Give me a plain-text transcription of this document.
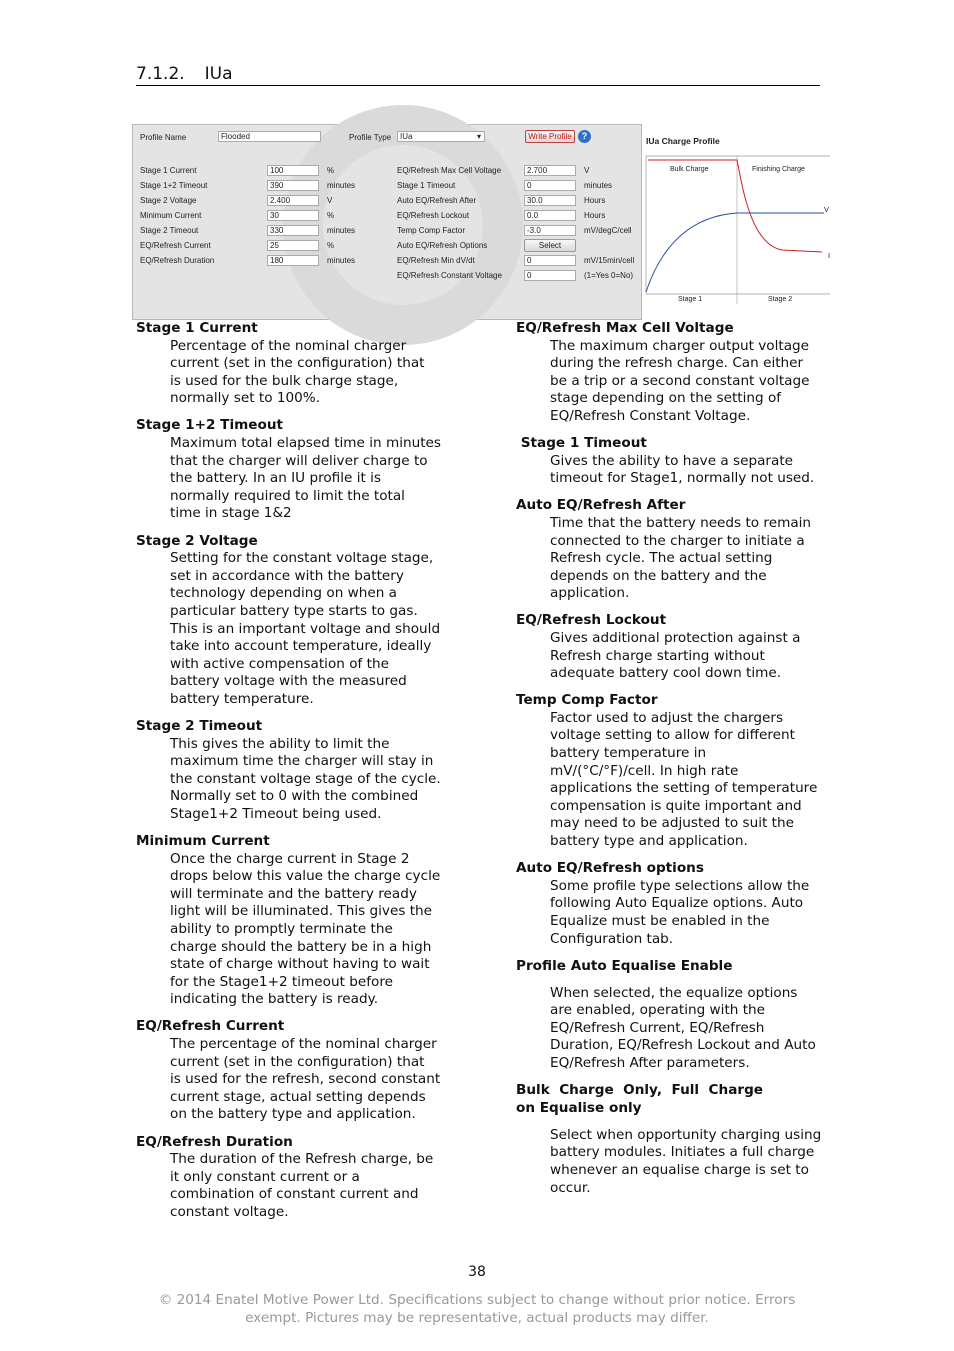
7.1.2. IUa
Profile Name	Flooded	Profile Type	IUa ▾	Write Profile	?
Stage 1 Current	100	%
Stage 1+2 Timeout	390	minutes
Stage 2 Voltage	2.400	V
Minimum Current	30	%
Stage 2 Timeout	330	minutes
EQ/Refresh Current	25	%
EQ/Refresh Duration	180	minutes
EQ/Refresh Max Cell Voltage	2.700	V
Stage 1 Timeout	0	minutes
Auto EQ/Refresh After	30.0	Hours
EQ/Refresh Lockout	0.0	Hours
Temp Comp Factor	-3.0	mV/degC/cell
Auto EQ/Refresh Options	Select
EQ/Refresh Min dV/dt	0	mV/15min/cell
EQ/Refresh Constant Voltage	0	(1=Yes 0=No)
IUa Charge Profile
Bulk Charge	Finishing Charge
Stage 1	Stage 2
V
I
Stage 1 Current
Percentage of the nominal charger
current (set in the configuration) that
is used for the bulk charge stage,
normally set to 100%.
Stage 1+2 Timeout
Maximum total elapsed time in minutes
that the charger will deliver charge to
the battery. In an IU profile it is
normally required to limit the total
time in stage 1&2
Stage 2 Voltage
Setting for the constant voltage stage,
set in accordance with the battery
technology depending on when a
particular battery type starts to gas.
This is an important voltage and should
take into account temperature, ideally
with active compensation of the
battery voltage with the measured
battery temperature.
Stage 2 Timeout
This gives the ability to limit the
maximum time the charger will stay in
the constant voltage stage of the cycle.
Normally set to 0 with the combined
Stage1+2 Timeout being used.
Minimum Current
Once the charge current in Stage 2
drops below this value the charge cycle
will terminate and the battery ready
light will be illuminated. This gives the
ability to promptly terminate the
charge should the battery be in a high
state of charge without having to wait
for the Stage1+2 timeout before
indicating the battery is ready.
EQ/Refresh Current
The percentage of the nominal charger
current (set in the configuration) that
is used for the refresh, second constant
current stage, actual setting depends
on the battery type and application.
EQ/Refresh Duration
The duration of the Refresh charge, be
it only constant current or a
combination of constant current and
constant voltage.
EQ/Refresh Max Cell Voltage
The maximum charger output voltage
during the refresh charge. Can either
be a trip or a second constant voltage
stage depending on the setting of
EQ/Refresh Constant Voltage.
Stage 1 Timeout
Gives the ability to have a separate
timeout for Stage1, normally not used.
Auto EQ/Refresh After
Time that the battery needs to remain
connected to the charger to initiate a
Refresh cycle. The actual setting
depends on the battery and the
application.
EQ/Refresh Lockout
Gives additional protection against a
Refresh charge starting without
adequate battery cool down time.
Temp Comp Factor
Factor used to adjust the chargers
voltage setting to allow for different
battery temperature in
mV/(°C/°F)/cell. In high rate
applications the setting of temperature
compensation is quite important and
may need to be adjusted to suit the
battery type and application.
Auto EQ/Refresh options
Some profile type selections allow the
following Auto Equalize options. Auto
Equalize must be enabled in the
Configuration tab.
Profile Auto Equalise Enable
When selected, the equalize options
are enabled, operating with the
EQ/Refresh Current, EQ/Refresh
Duration, EQ/Refresh Lockout and Auto
EQ/Refresh After parameters.
Bulk  Charge  Only,  Full  Charge
on Equalise only
Select when opportunity charging using
battery modules. Initiates a full charge
whenever an equalise charge is set to
occur.
38
© 2014 Enatel Motive Power Ltd. Specifications subject to change without prior notice. Errors
exempt. Pictures may be representative, actual products may differ.
